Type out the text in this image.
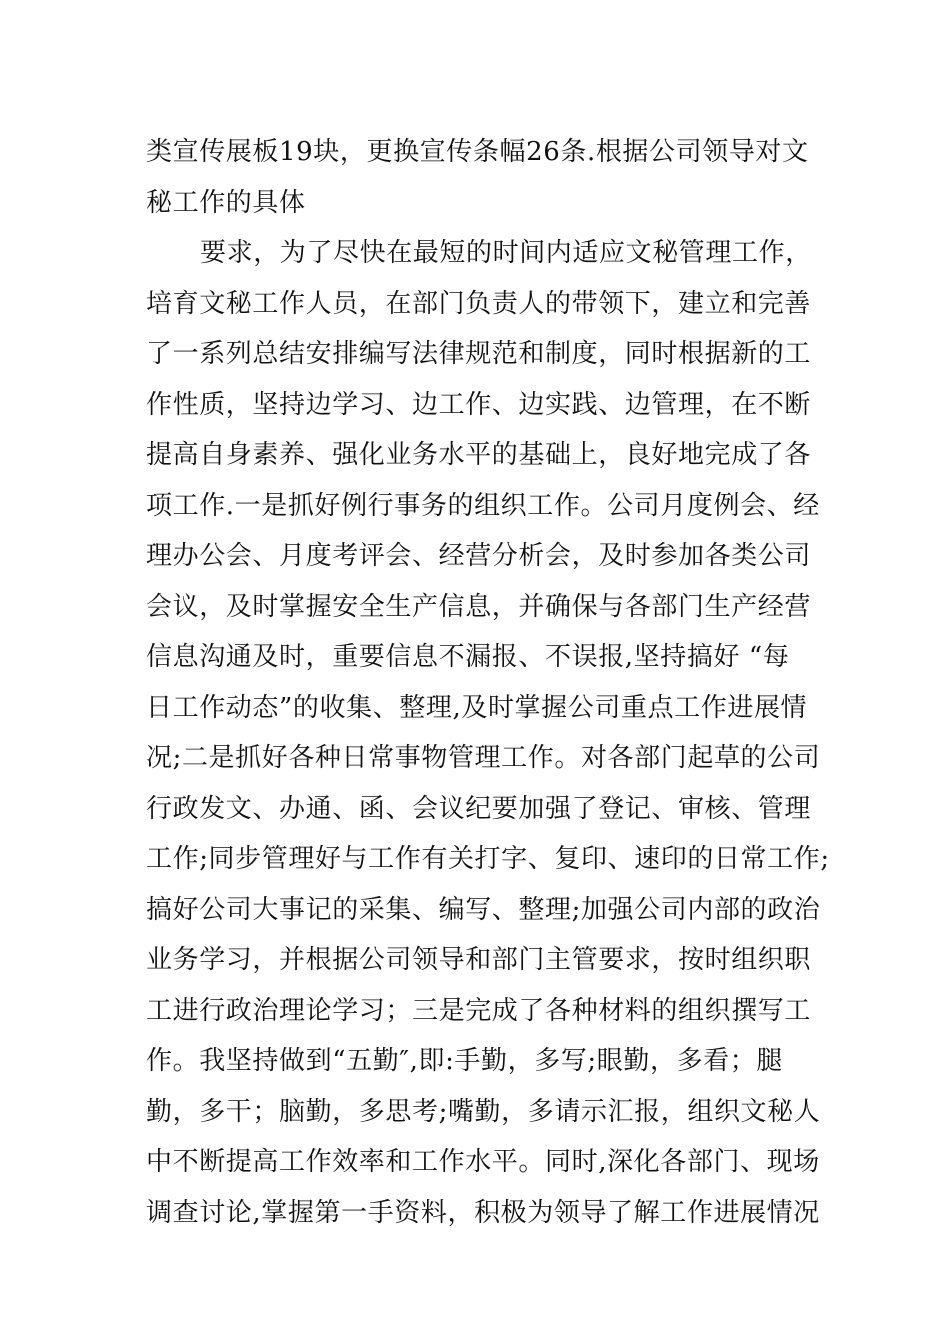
类宣传展板19块，更换宣传条幅26条.根据公司领导对文
秘工作的具体
要求，为了尽快在最短的时间内适应文秘管理工作，
培育文秘工作人员，在部门负责人的带领下，建立和完善
了一系列总结安排编写法律规范和制度，同时根据新的工
作性质，坚持边学习、边工作、边实践、边管理，在不断
提高自身素养、强化业务水平的基础上，良好地完成了各
项工作.一是抓好例行事务的组织工作。公司月度例会、经
理办公会、月度考评会、经营分析会，及时参加各类公司
会议，及时掌握安全生产信息，并确保与各部门生产经营
信息沟通及时，重要信息不漏报、不误报,坚持搞好 “每
日工作动态”的收集、整理,及时掌握公司重点工作进展情
况;二是抓好各种日常事物管理工作。对各部门起草的公司
行政发文、办通、函、会议纪要加强了登记、审核、管理
工作;同步管理好与工作有关打字、复印、速印的日常工作;
搞好公司大事记的采集、编写、整理;加强公司内部的政治
业务学习，并根据公司领导和部门主管要求，按时组织职
工进行政治理论学习；三是完成了各种材料的组织撰写工
作。我坚持做到“五勤″,即:手勤，多写;眼勤，多看；腿
勤，多干；脑勤，多思考;嘴勤，多请示汇报，组织文秘人
中不断提高工作效率和工作水平。同时,深化各部门、现场
调查讨论,掌握第一手资料，积极为领导了解工作进展情况
